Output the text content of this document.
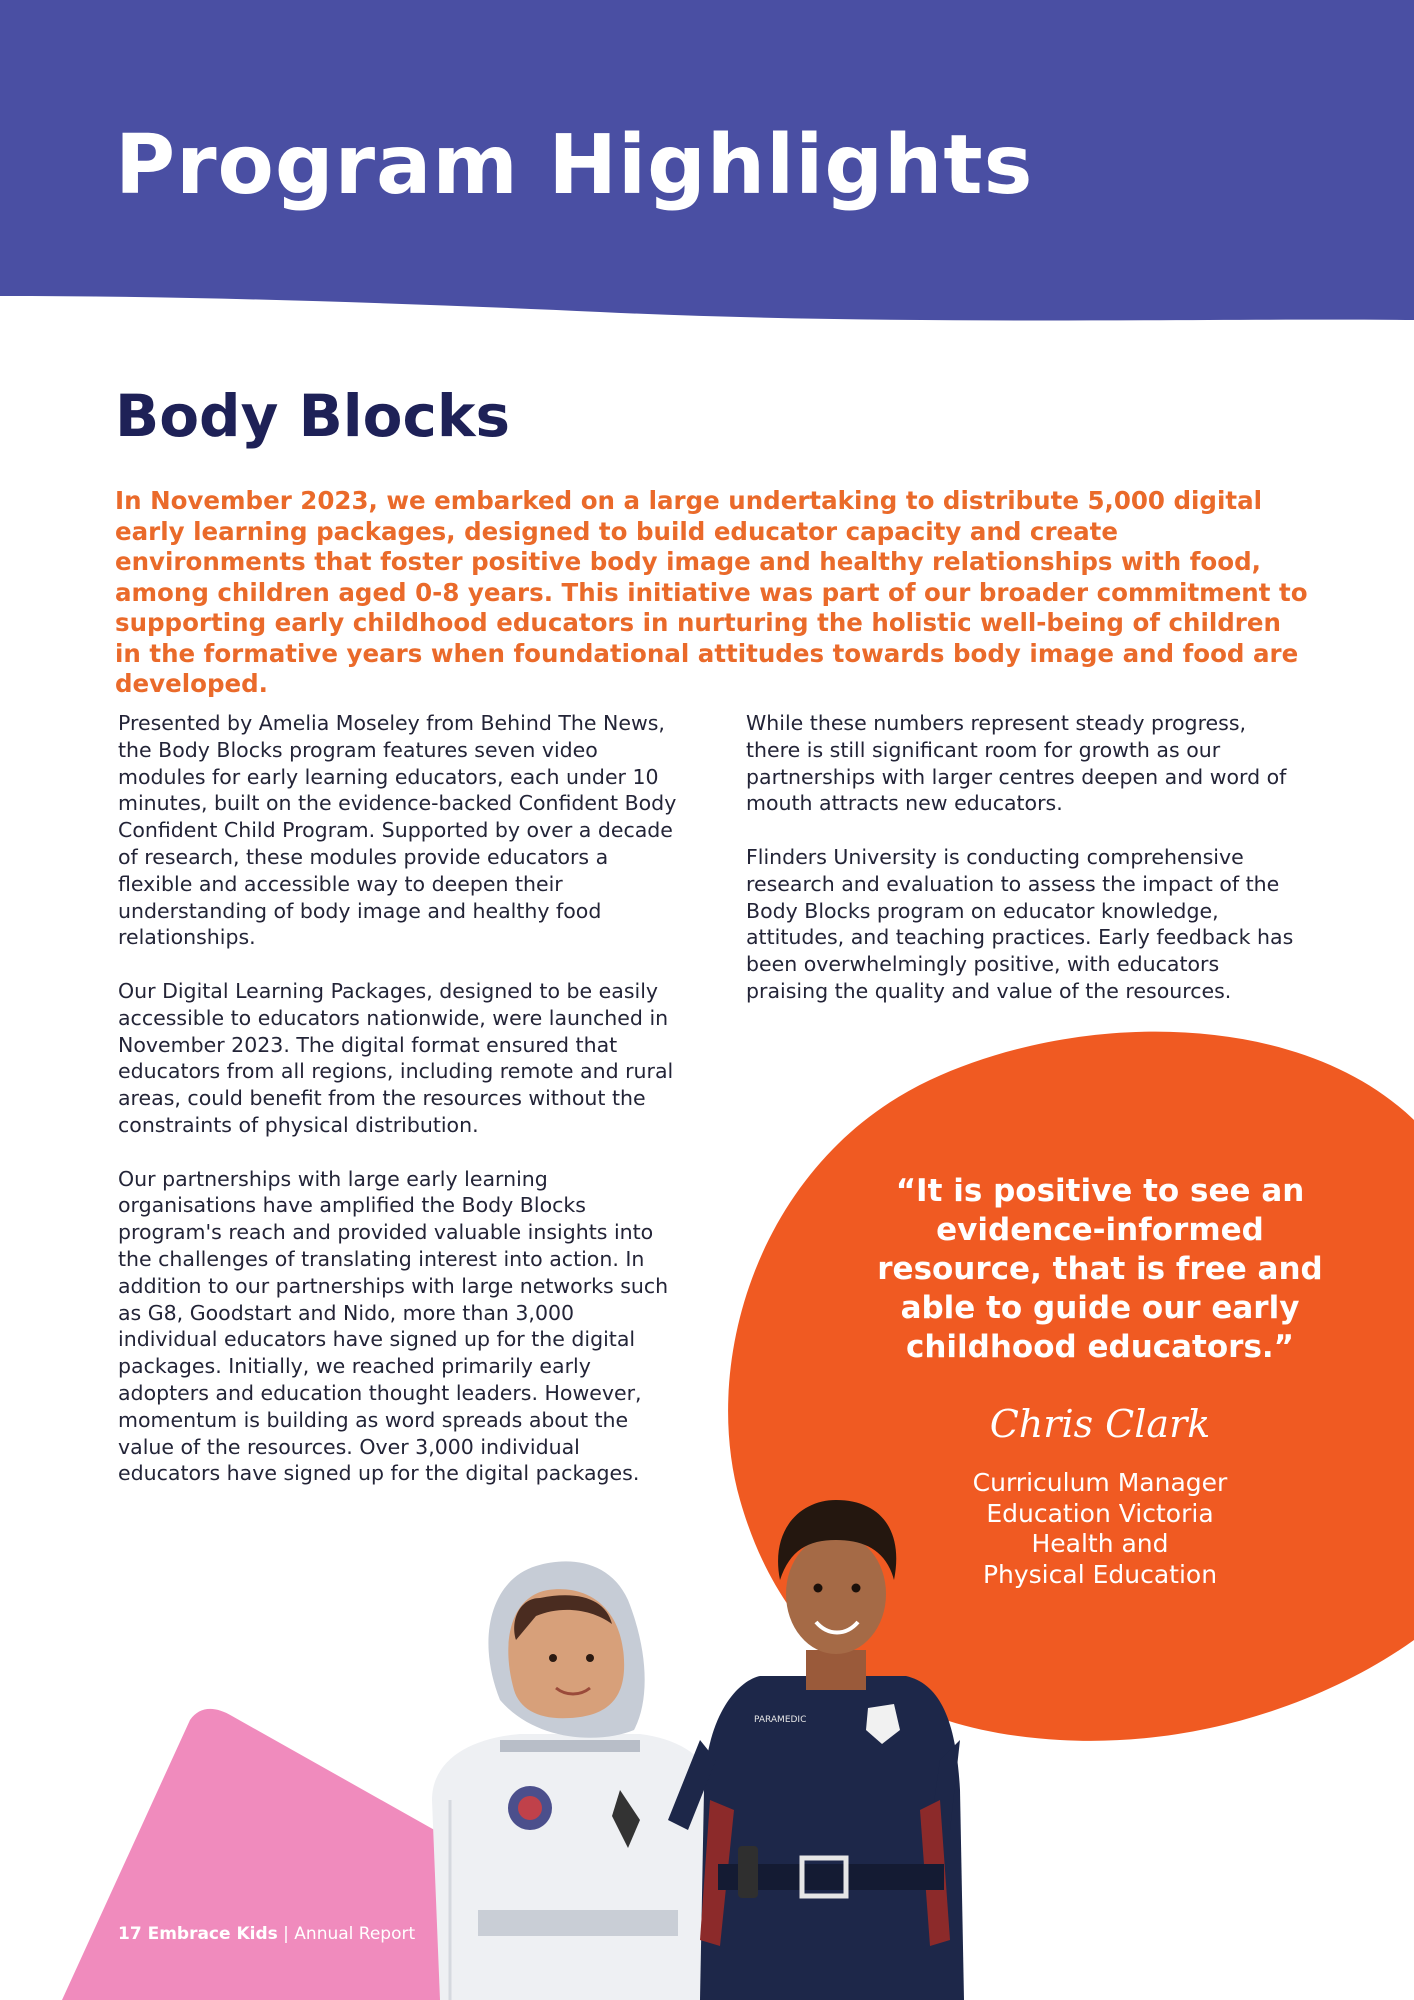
Program Highlights
Body Blocks

In November 2023, we embarked on a large undertaking to distribute 5,000 digital early learning packages, designed to build educator capacity and create environments that foster positive body image and healthy relationships with food, among children aged 0-8 years. This initiative was part of our broader commitment to supporting early childhood educators in nurturing the holistic well-being of children in the formative years when foundational attitudes towards body image and food are developed.

Presented by Amelia Moseley from Behind The News, the Body Blocks program features seven video modules for early learning educators, each under 10 minutes, built on the evidence-backed Confident Body Confident Child Program. Supported by over a decade of research, these modules provide educators a flexible and accessible way to deepen their understanding of body image and healthy food relationships.

Our Digital Learning Packages, designed to be easily accessible to educators nationwide, were launched in November 2023. The digital format ensured that educators from all regions, including remote and rural areas, could benefit from the resources without the constraints of physical distribution.

Our partnerships with large early learning organisations have amplified the Body Blocks program's reach and provided valuable insights into the challenges of translating interest into action. In addition to our partnerships with large networks such as G8, Goodstart and Nido, more than 3,000 individual educators have signed up for the digital packages. Initially, we reached primarily early adopters and education thought leaders. However, momentum is building as word spreads about the value of the resources. Over 3,000 individual educators have signed up for the digital packages.

While these numbers represent steady progress, there is still significant room for growth as our partnerships with larger centres deepen and word of mouth attracts new educators.

Flinders University is conducting comprehensive research and evaluation to assess the impact of the Body Blocks program on educator knowledge, attitudes, and teaching practices. Early feedback has been overwhelmingly positive, with educators praising the quality and value of the resources.

“It is positive to see an evidence-informed resource, that is free and able to guide our early childhood educators.”

Chris Clark

Curriculum Manager
Education Victoria
Health and
Physical Education
PARAMEDIC
17 Embrace Kids | Annual Report
